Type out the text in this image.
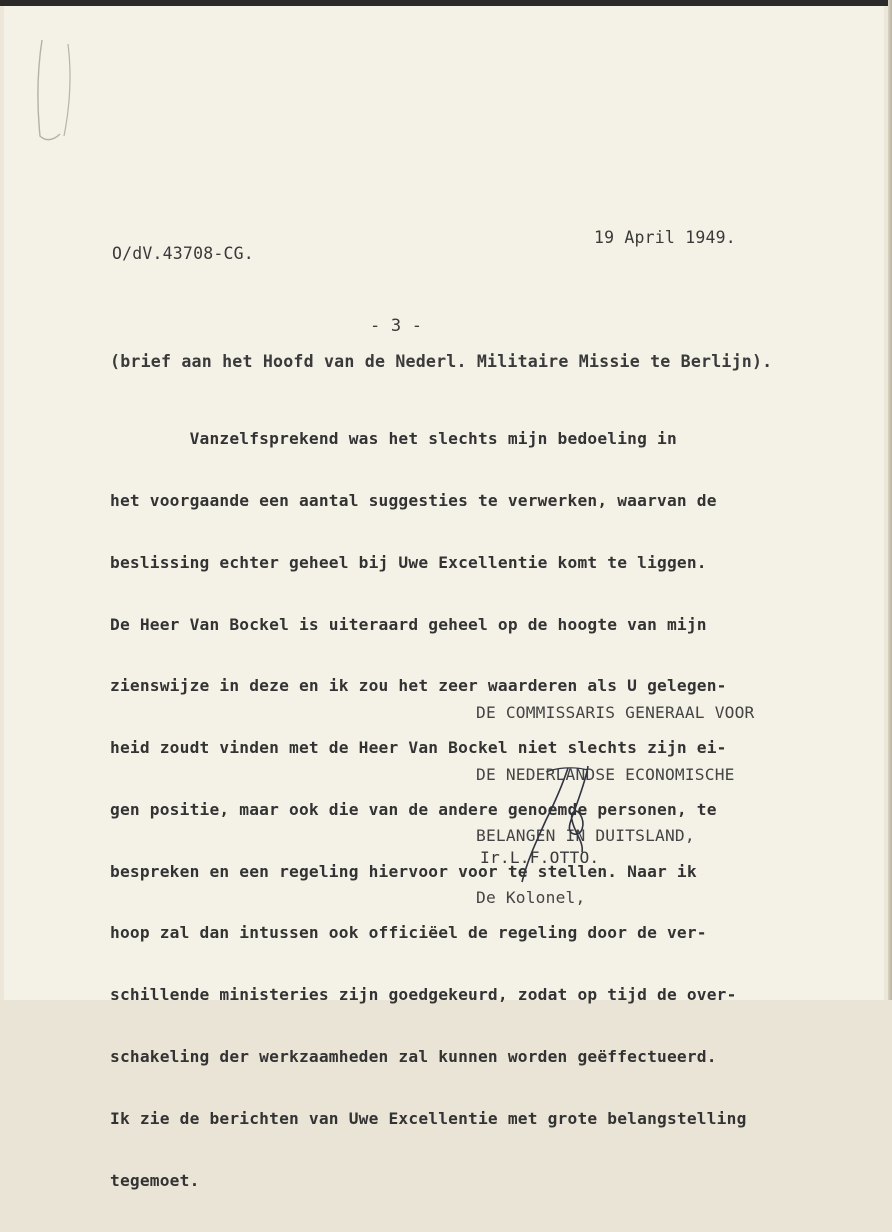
19 April 1949.

O/dV.43708-CG.

- 3 -

(brief aan het Hoofd van de Nederl. Militaire Missie te Berlijn).

Vanzelfsprekend was het slechts mijn bedoeling in

het voorgaande een aantal suggesties te verwerken, waarvan de

beslissing echter geheel bij Uwe Excellentie komt te liggen.

De Heer Van Bockel is uiteraard geheel op de hoogte van mijn

zienswijze in deze en ik zou het zeer waarderen als U gelegen-

heid zoudt vinden met de Heer Van Bockel niet slechts zijn ei-

gen positie, maar ook die van de andere genoemde personen, te

bespreken en een regeling hiervoor voor te stellen. Naar ik

hoop zal dan intussen ook officiëel de regeling door de ver-

schillende ministeries zijn goedgekeurd, zodat op tijd de over-

schakeling der werkzaamheden zal kunnen worden geëffectueerd.

Ik zie de berichten van Uwe Excellentie met grote belangstelling

tegemoet.

DE COMMISSARIS GENERAAL VOOR

DE NEDERLANDSE ECONOMISCHE

BELANGEN IN DUITSLAND,

De Kolonel,

Ir.L.F.OTTO.
